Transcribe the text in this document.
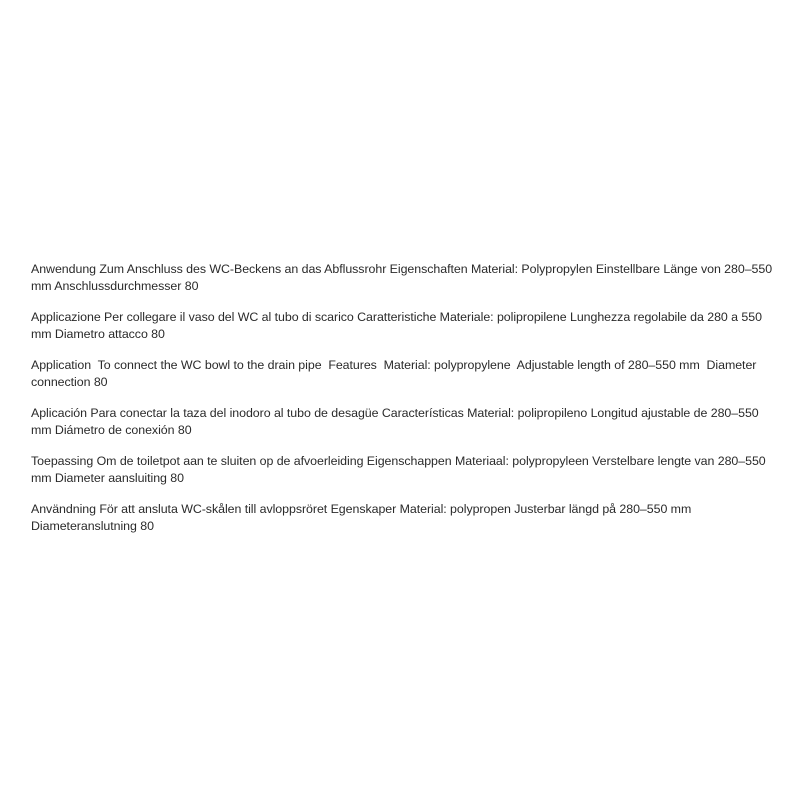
Anwendung Zum Anschluss des WC-Beckens an das Abflussrohr Eigenschaften Material: Polypropylen Einstellbare Länge von 280–550 mm Anschlussdurchmesser 80

Applicazione Per collegare il vaso del WC al tubo di scarico Caratteristiche Materiale: polipropilene Lunghezza regolabile da 280 a 550 mm Diametro attacco 80

Application  To connect the WC bowl to the drain pipe  Features  Material: polypropylene  Adjustable length of 280–550 mm  Diameter connection 80

Aplicación Para conectar la taza del inodoro al tubo de desagüe Características Material: polipropileno Longitud ajustable de 280–550 mm Diámetro de conexión 80

Toepassing Om de toiletpot aan te sluiten op de afvoerleiding Eigenschappen Materiaal: polypropyleen Verstelbare lengte van 280–550 mm Diameter aansluiting 80

Användning För att ansluta WC-skålen till avloppsröret Egenskaper Material: polypropen Justerbar längd på 280–550 mm Diameteranslutning 80
